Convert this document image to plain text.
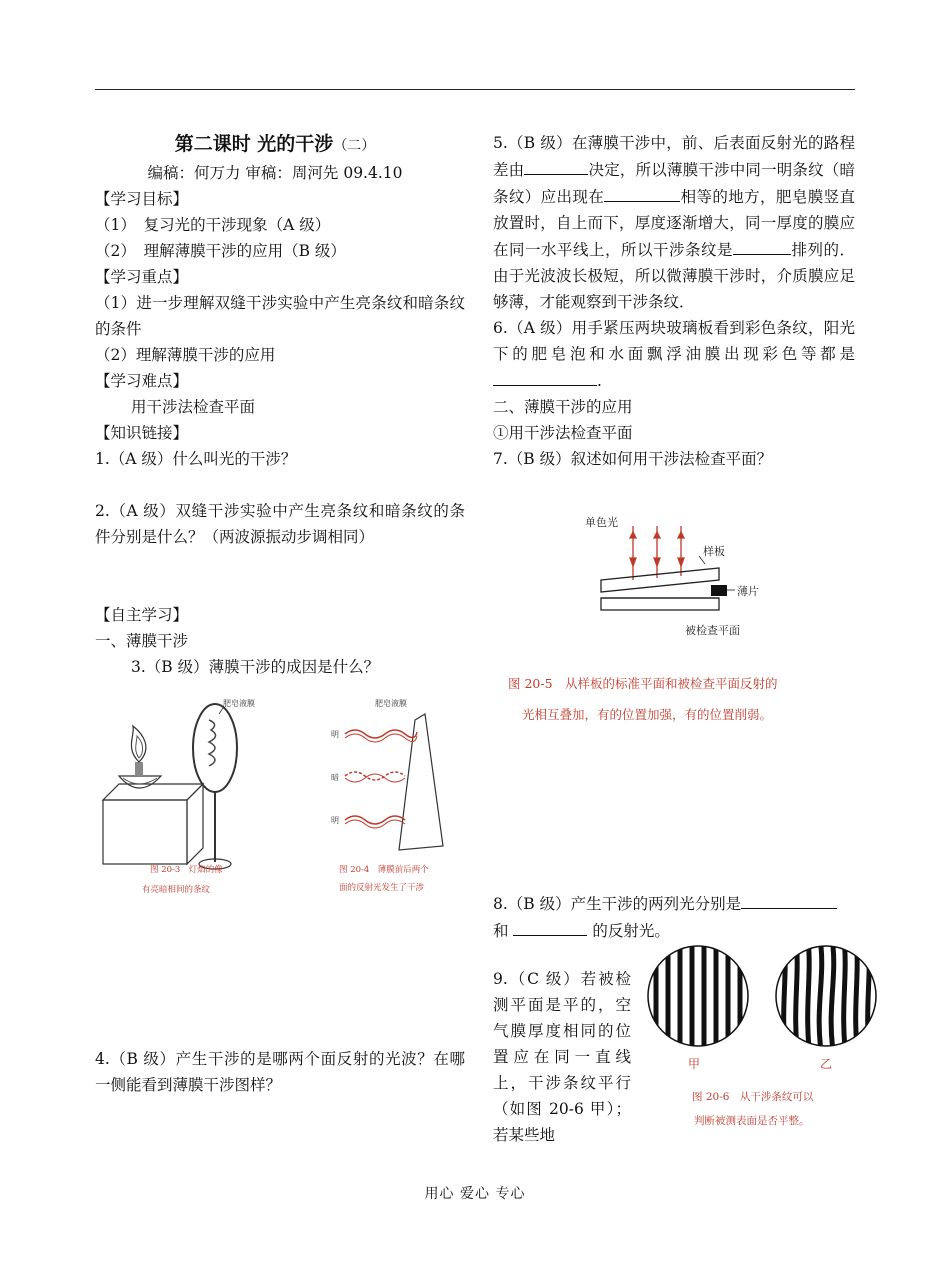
第二课时 光的干涉（二）
编稿：何万力 审稿：周河先 09.4.10
【学习目标】
（1）　复习光的干涉现象（A 级）
（2）　理解薄膜干涉的应用（B 级）
【学习重点】
（1）进一步理解双缝干涉实验中产生亮条纹和暗条纹的条件
（2）理解薄膜干涉的应用
【学习难点】
用干涉法检查平面
【知识链接】
1.（A 级）什么叫光的干涉？
2.（A 级）双缝干涉实验中产生亮条纹和暗条纹的条件分别是什么？（两波源振动步调相同）
【自主学习】
一、薄膜干涉
3.（B 级）薄膜干涉的成因是什么？
肥皂液膜
图 20-3　灯焰的像
有亮暗相间的条纹
肥皂液膜
明
暗
明
图 20-4　薄膜前后两个
面的反射光发生了干涉
4.（B 级）产生干涉的是哪两个面反射的光波？在哪一侧能看到薄膜干涉图样？
5.（B 级）在薄膜干涉中，前、后表面反射光的路程差由	决定，所以薄膜干涉中同一明条纹（暗条纹）应出现在	相等的地方，肥皂膜竖直放置时，自上而下，厚度逐渐增大，同一厚度的膜应在同一水平线上，所以干涉条纹是	排列的．由于光波波长极短，所以微薄膜干涉时，介质膜应足够薄，才能观察到干涉条纹．
6.（A 级）用手紧压两块玻璃板看到彩色条纹，阳光下的肥皂泡和水面飘浮油膜出现彩色等都是.
二、薄膜干涉的应用
①用干涉法检查平面
7.（B 级）叙述如何用干涉法检查平面？
单色光
样板
薄片
被检查平面
图 20-5　从样板的标准平面和被检查平面反射的
光相互叠加，有的位置加强，有的位置削弱。
8.（B 级）产生干涉的两列光分别是
和	的反射光。
9.（C 级）若被检测平面是平的，空气膜厚度相同的位置应在同一直线上，干涉条纹平行（如图 20-6 甲）；若某些地
甲	乙
图 20-6　从干涉条纹可以
判断被测表面是否平整。
用心 爱心 专心
